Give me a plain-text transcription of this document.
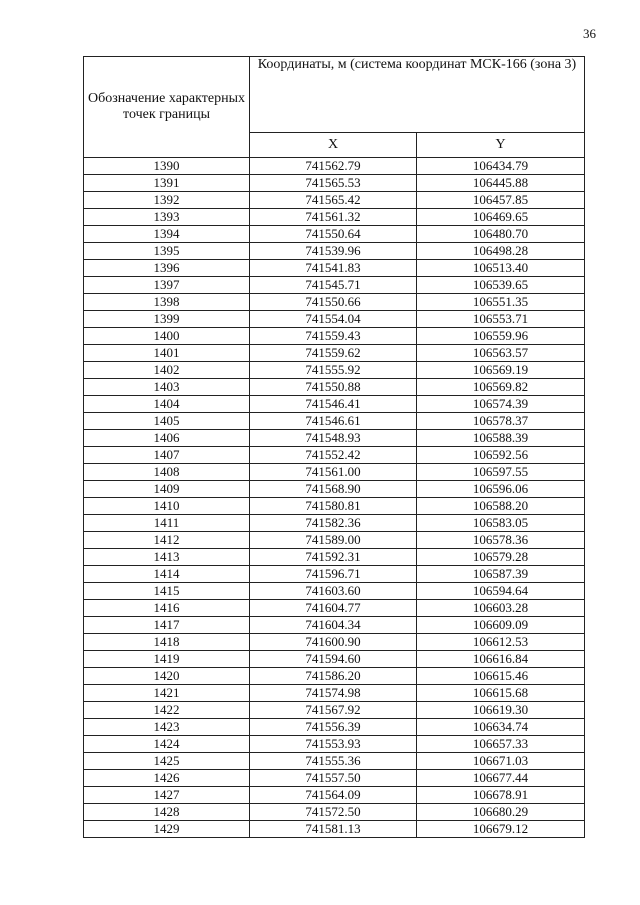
36
Обозначение характерных точек границы	Координаты, м (система координат МСК-166 (зона 3)	
	X	Y
1390	741562.79	106434.79
1391	741565.53	106445.88
1392	741565.42	106457.85
1393	741561.32	106469.65
1394	741550.64	106480.70
1395	741539.96	106498.28
1396	741541.83	106513.40
1397	741545.71	106539.65
1398	741550.66	106551.35
1399	741554.04	106553.71
1400	741559.43	106559.96
1401	741559.62	106563.57
1402	741555.92	106569.19
1403	741550.88	106569.82
1404	741546.41	106574.39
1405	741546.61	106578.37
1406	741548.93	106588.39
1407	741552.42	106592.56
1408	741561.00	106597.55
1409	741568.90	106596.06
1410	741580.81	106588.20
1411	741582.36	106583.05
1412	741589.00	106578.36
1413	741592.31	106579.28
1414	741596.71	106587.39
1415	741603.60	106594.64
1416	741604.77	106603.28
1417	741604.34	106609.09
1418	741600.90	106612.53
1419	741594.60	106616.84
1420	741586.20	106615.46
1421	741574.98	106615.68
1422	741567.92	106619.30
1423	741556.39	106634.74
1424	741553.93	106657.33
1425	741555.36	106671.03
1426	741557.50	106677.44
1427	741564.09	106678.91
1428	741572.50	106680.29
1429	741581.13	106679.12
